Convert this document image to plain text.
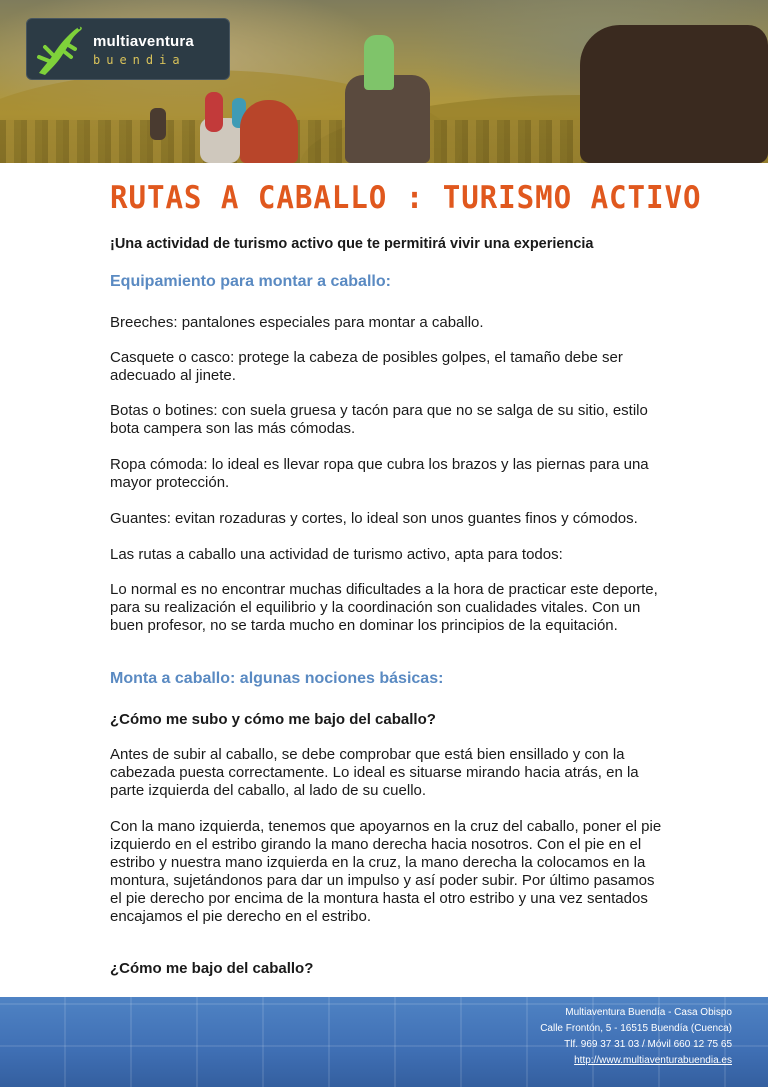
multiaventura
buendia
RUTAS A CABALLO : TURISMO ACTIVO
¡Una actividad de turismo activo que te permitirá vivir una experiencia
Equipamiento para montar a caballo:

Breeches: pantalones especiales para montar a caballo.

Casquete o casco: protege la cabeza de posibles golpes, el tamaño debe ser adecuado al jinete.

Botas o botines: con suela gruesa y tacón para que no se salga de su sitio, estilo bota campera son las más cómodas.

Ropa cómoda: lo ideal es llevar ropa que cubra los brazos y las piernas para una mayor protección.

Guantes: evitan rozaduras y cortes, lo ideal son unos guantes finos y cómodos.

Las rutas a caballo una actividad de turismo activo, apta para todos:

Lo normal es no encontrar muchas dificultades a la hora de practicar este deporte, para su realización el equilibrio y la coordinación son cualidades vitales. Con un buen profesor, no se tarda mucho en dominar los principios de la equitación.

Monta a caballo: algunas nociones básicas:
¿Cómo me subo y cómo me bajo del caballo?

Antes de subir al caballo, se debe comprobar que está bien ensillado y con la cabezada puesta correctamente. Lo ideal es situarse mirando hacia atrás, en la parte izquierda del caballo, al lado de su cuello.

Con la mano izquierda, tenemos que apoyarnos en la cruz del caballo, poner el pie izquierdo en el estribo girando la mano derecha hacia nosotros. Con el pie en el estribo y nuestra mano izquierda en la cruz, la mano derecha la colocamos en la montura, sujetándonos para dar un impulso y así poder subir. Por último pasamos el pie derecho por encima de la montura hasta el otro estribo y una vez sentados encajamos el pie derecho en el estribo.

¿Cómo me bajo del caballo?
Multiaventura Buendía - Casa Obispo
Calle Frontón, 5 - 16515 Buendía (Cuenca)
Tlf. 969 37 31 03 / Móvil 660 12 75 65
http://www.multiaventurabuendia.es
